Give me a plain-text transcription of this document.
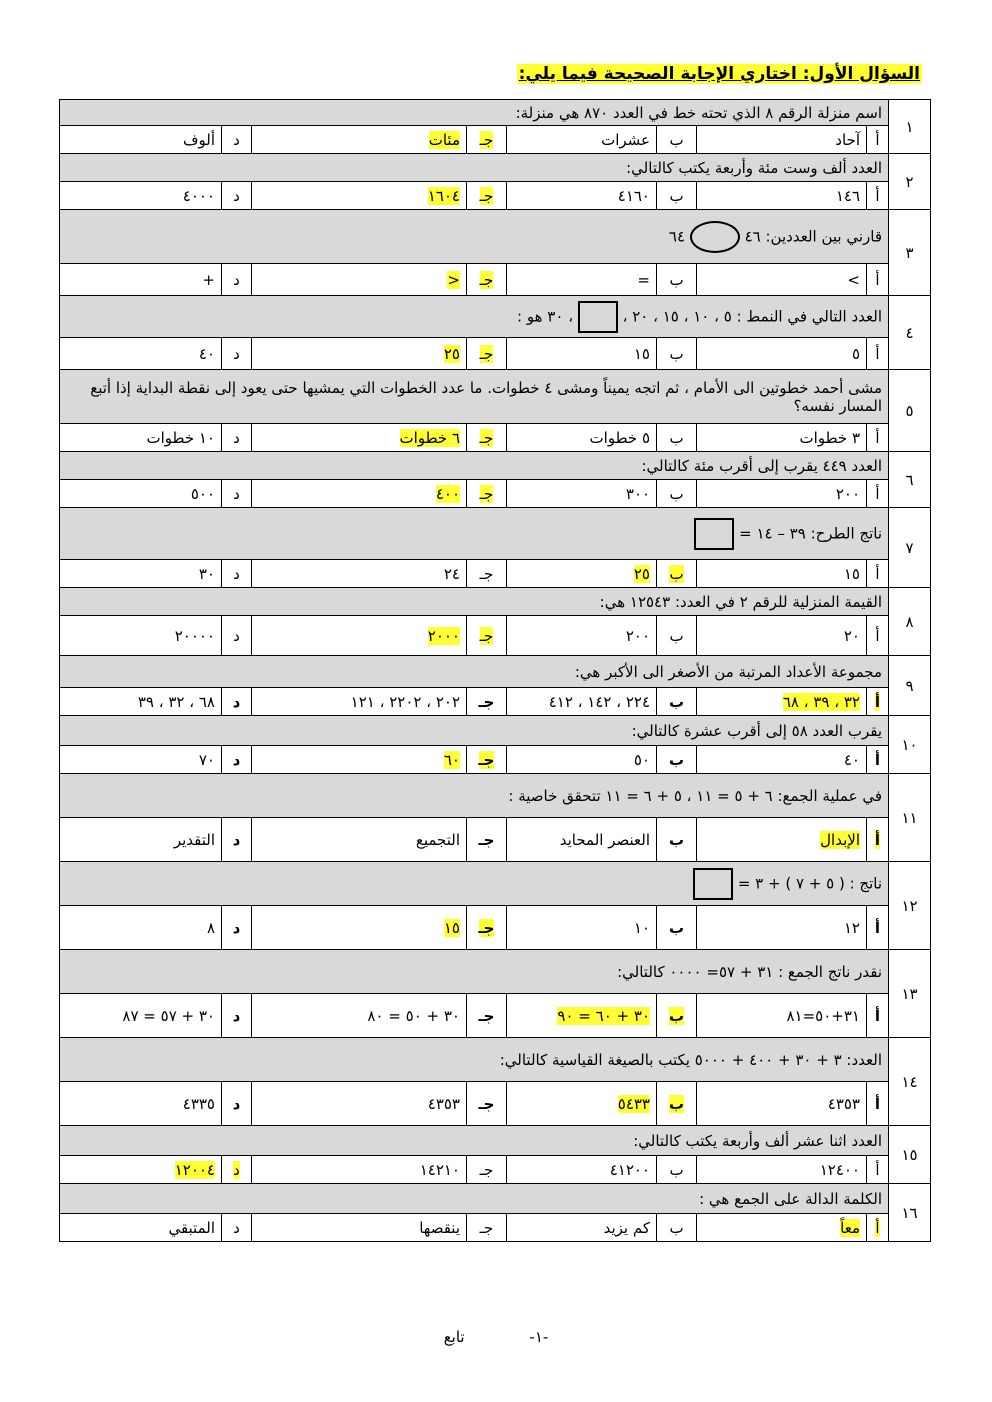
السؤال الأول: اختاري الإجابة الصحيحة فيما يلي:
١	اسم منزلة الرقم ٨ الذي تحته خط في العدد ٨٧٠ هي منزلة:							
	أ	آحاد	ب	عشرات	جـ	مئات	د	ألوف
٢	العدد ألف وست مئة وأربعة يكتب كالتالي:							
	أ	١٤٦	ب	٤١٦٠	جـ	١٦٠٤	د	٤٠٠٠
٣	قارني بين العددين: ٤٦  ٦٤							
	أ	>	ب	=	جـ	<	د	+
٤	العدد التالي في النمط : ٥ ، ١٠ ، ١٥ ، ٢٠ ،  ، ٣٠ هو :							
	أ	٥	ب	١٥	جـ	٢٥	د	٤٠
٥	مشى أحمد خطوتين الى الأمام ، ثم اتجه يميناً ومشى ٤ خطوات. ما عدد الخطوات التي يمشيها حتى يعود إلى نقطة البداية إذا أتبع المسار نفسه؟							
	أ	٣ خطوات	ب	٥ خطوات	جـ	٦ خطوات	د	١٠ خطوات
٦	العدد ٤٤٩ يقرب إلى أقرب مئة كالتالي:							
	أ	٢٠٠	ب	٣٠٠	جـ	٤٠٠	د	٥٠٠
٧	ناتج الطرح: ٣٩ – ١٤ =							
	أ	١٥	ب	٢٥	جـ	٢٤	د	٣٠
٨	القيمة المنزلية للرقم ٢ في العدد: ١٢٥٤٣ هي:							
	أ	٢٠	ب	٢٠٠	جـ	٢٠٠٠	د	٢٠٠٠٠
٩	مجموعة الأعداد المرتبة من الأصغر الى الأكبر هي:							
	أ	٣٢ ، ٣٩ ، ٦٨	ب	٢٢٤ ، ١٤٢ ، ٤١٢	جـ	٢٠٢ ، ٢٢٠٢ ، ١٢١	د	٦٨ ، ٣٢ ، ٣٩
١٠	يقرب العدد ٥٨ إلى أقرب عشرة كالتالي:							
	أ	٤٠	ب	٥٠	جـ	٦٠	د	٧٠
١١	في عملية الجمع: ٦ + ٥ = ١١ ، ٥ + ٦ = ١١ تتحقق خاصية :							
	أ	الإبدال	ب	العنصر المحايد	جـ	التجميع	د	التقدير
١٢	ناتج : ( ٥ + ٧ ) + ٣ =							
	أ	١٢	ب	١٠	جـ	١٥	د	٨
١٣	نقدر ناتج الجمع : ٣١ + ٥٧= ٠٠٠٠ كالتالي:							
	أ	٣١+٥٠=٨١	ب	٣٠ + ٦٠ = ٩٠	جـ	٣٠ + ٥٠ = ٨٠	د	٣٠ + ٥٧ = ٨٧
١٤	العدد: ٣ + ٣٠ + ٤٠٠ + ٥٠٠٠ يكتب بالصيغة القياسية كالتالي:							
	أ	٤٣٥٣	ب	٥٤٣٣	جـ	٤٣٥٣	د	٤٣٣٥
١٥	العدد اثنا عشر ألف وأربعة يكتب كالتالي:							
	أ	١٢٤٠٠	ب	٤١٢٠٠	جـ	١٤٢١٠	د	١٢٠٠٤
١٦	الكلمة الدالة على الجمع هي :							
	أ	معاً	ب	كم يزيد	جـ	ينقصها	د	المتبقي
-١- تابع
